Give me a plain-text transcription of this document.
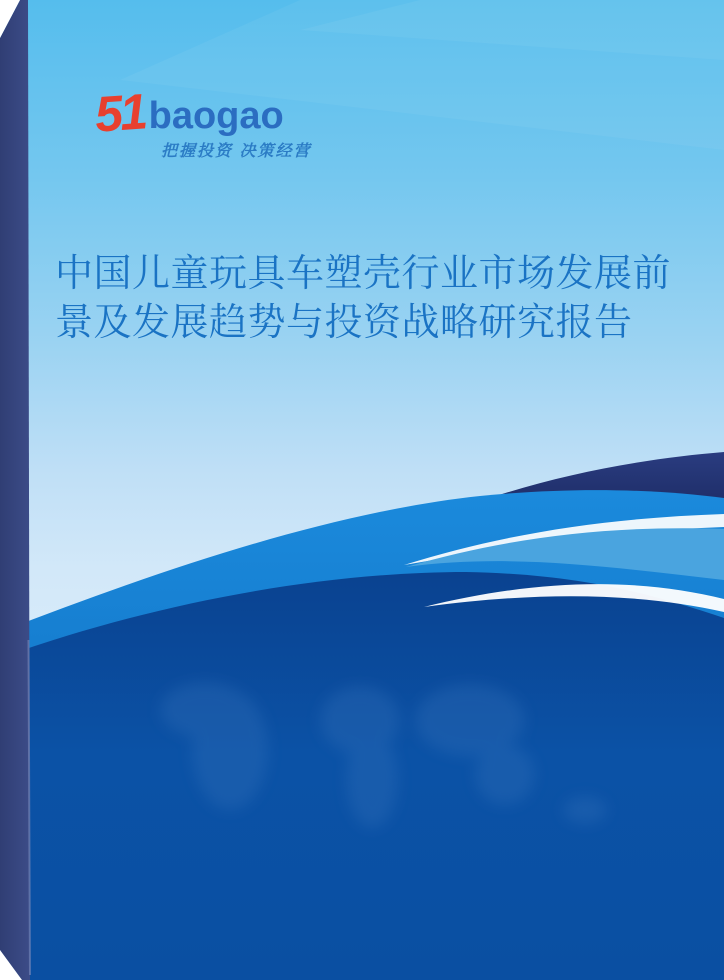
51 baogao
把握投资 决策经营
中国儿童玩具车塑壳行业市场发展前
景及发展趋势与投资战略研究报告
